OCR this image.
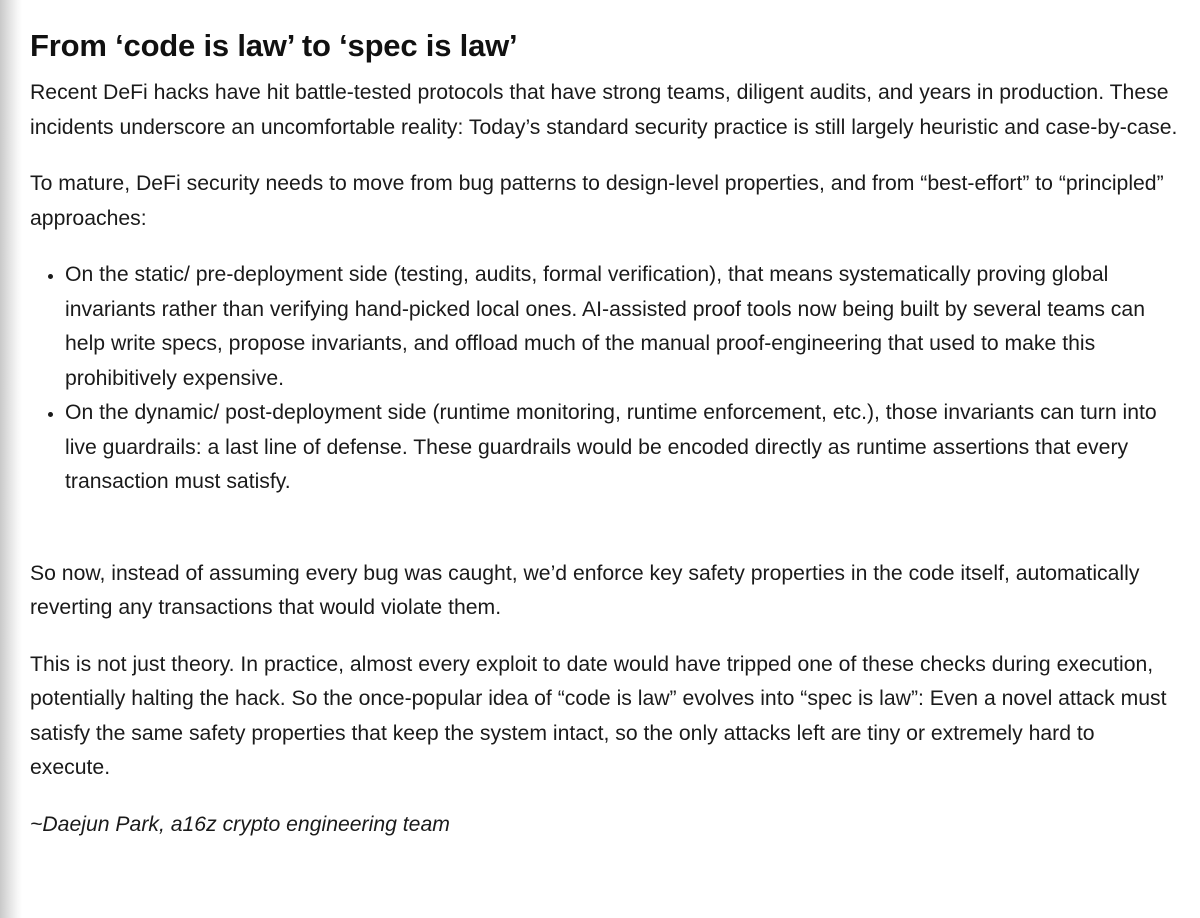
From ‘code is law’ to ‘spec is law’

Recent DeFi hacks have hit battle-tested protocols that have strong teams, diligent audits, and years in production. These incidents underscore an uncomfortable reality: Today’s standard security practice is still largely heuristic and case-by-case.

To mature, DeFi security needs to move from bug patterns to design-level properties, and from “best-effort” to “principled” approaches:

• On the static/ pre-deployment side (testing, audits, formal verification), that means systematically proving global invariants rather than verifying hand-picked local ones. AI-assisted proof tools now being built by several teams can help write specs, propose invariants, and offload much of the manual proof-engineering that used to make this prohibitively expensive.
• On the dynamic/ post-deployment side (runtime monitoring, runtime enforcement, etc.), those invariants can turn into live guardrails: a last line of defense. These guardrails would be encoded directly as runtime assertions that every transaction must satisfy.

So now, instead of assuming every bug was caught, we’d enforce key safety properties in the code itself, automatically reverting any transactions that would violate them.

This is not just theory. In practice, almost every exploit to date would have tripped one of these checks during execution, potentially halting the hack. So the once-popular idea of “code is law” evolves into “spec is law”: Even a novel attack must satisfy the same safety properties that keep the system intact, so the only attacks left are tiny or extremely hard to execute.

~Daejun Park, a16z crypto engineering team
